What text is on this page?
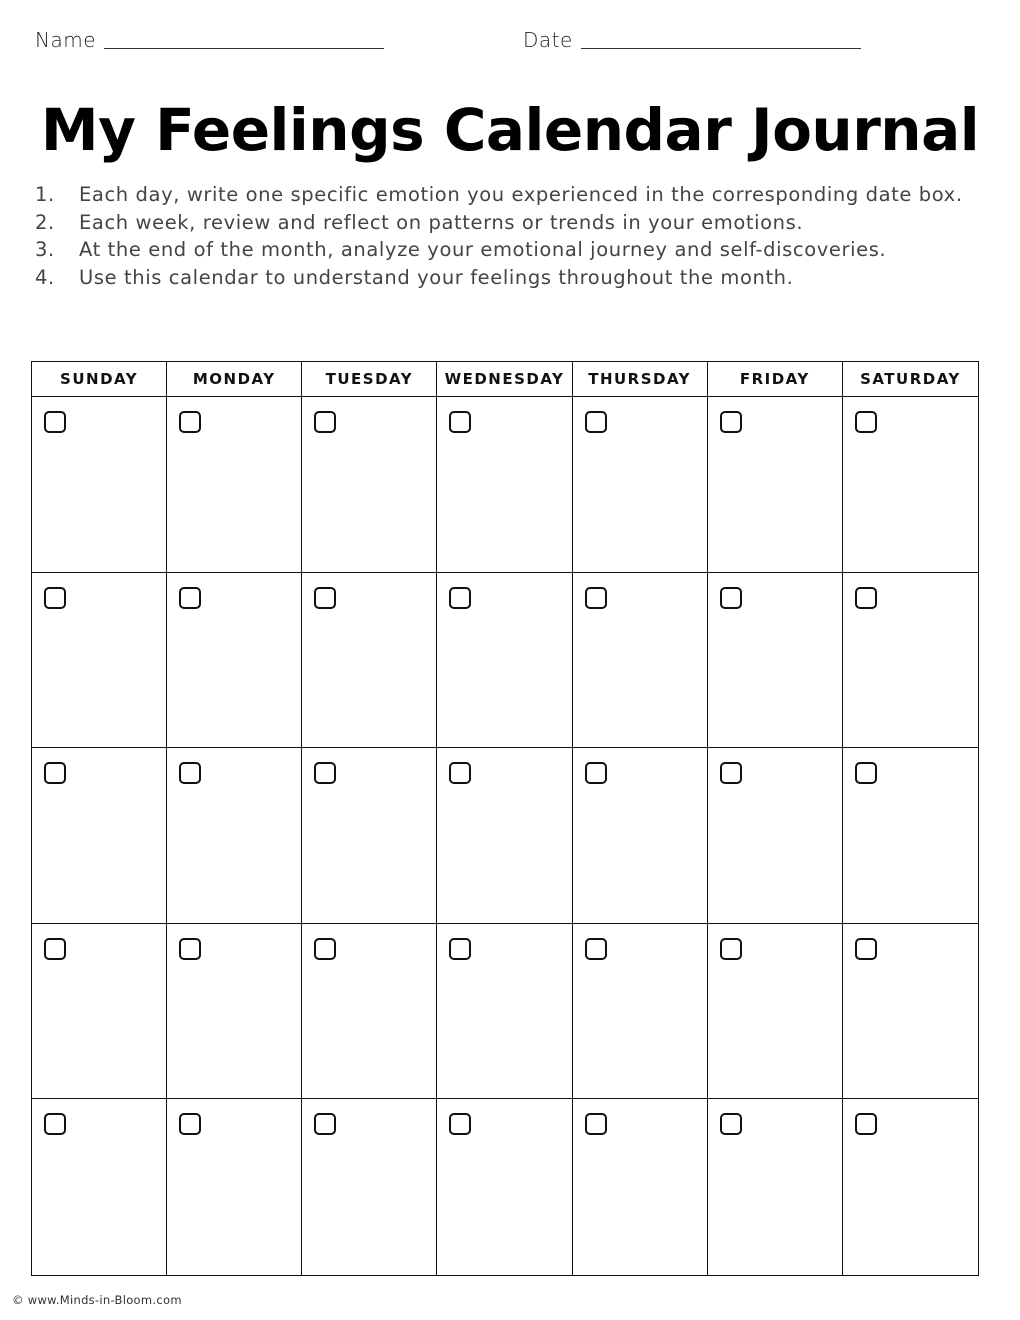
Name	Date
My Feelings Calendar Journal
1.	Each day, write one specific emotion you experienced in the corresponding date box.
2.	Each week, review and reflect on patterns or trends in your emotions.
3.	At the end of the month, analyze your emotional journey and self-discoveries.
4.	Use this calendar to understand your feelings throughout the month.
SUNDAY	MONDAY	TUESDAY	WEDNESDAY	THURSDAY	FRIDAY	SATURDAY
© www.Minds-in-Bloom.com
